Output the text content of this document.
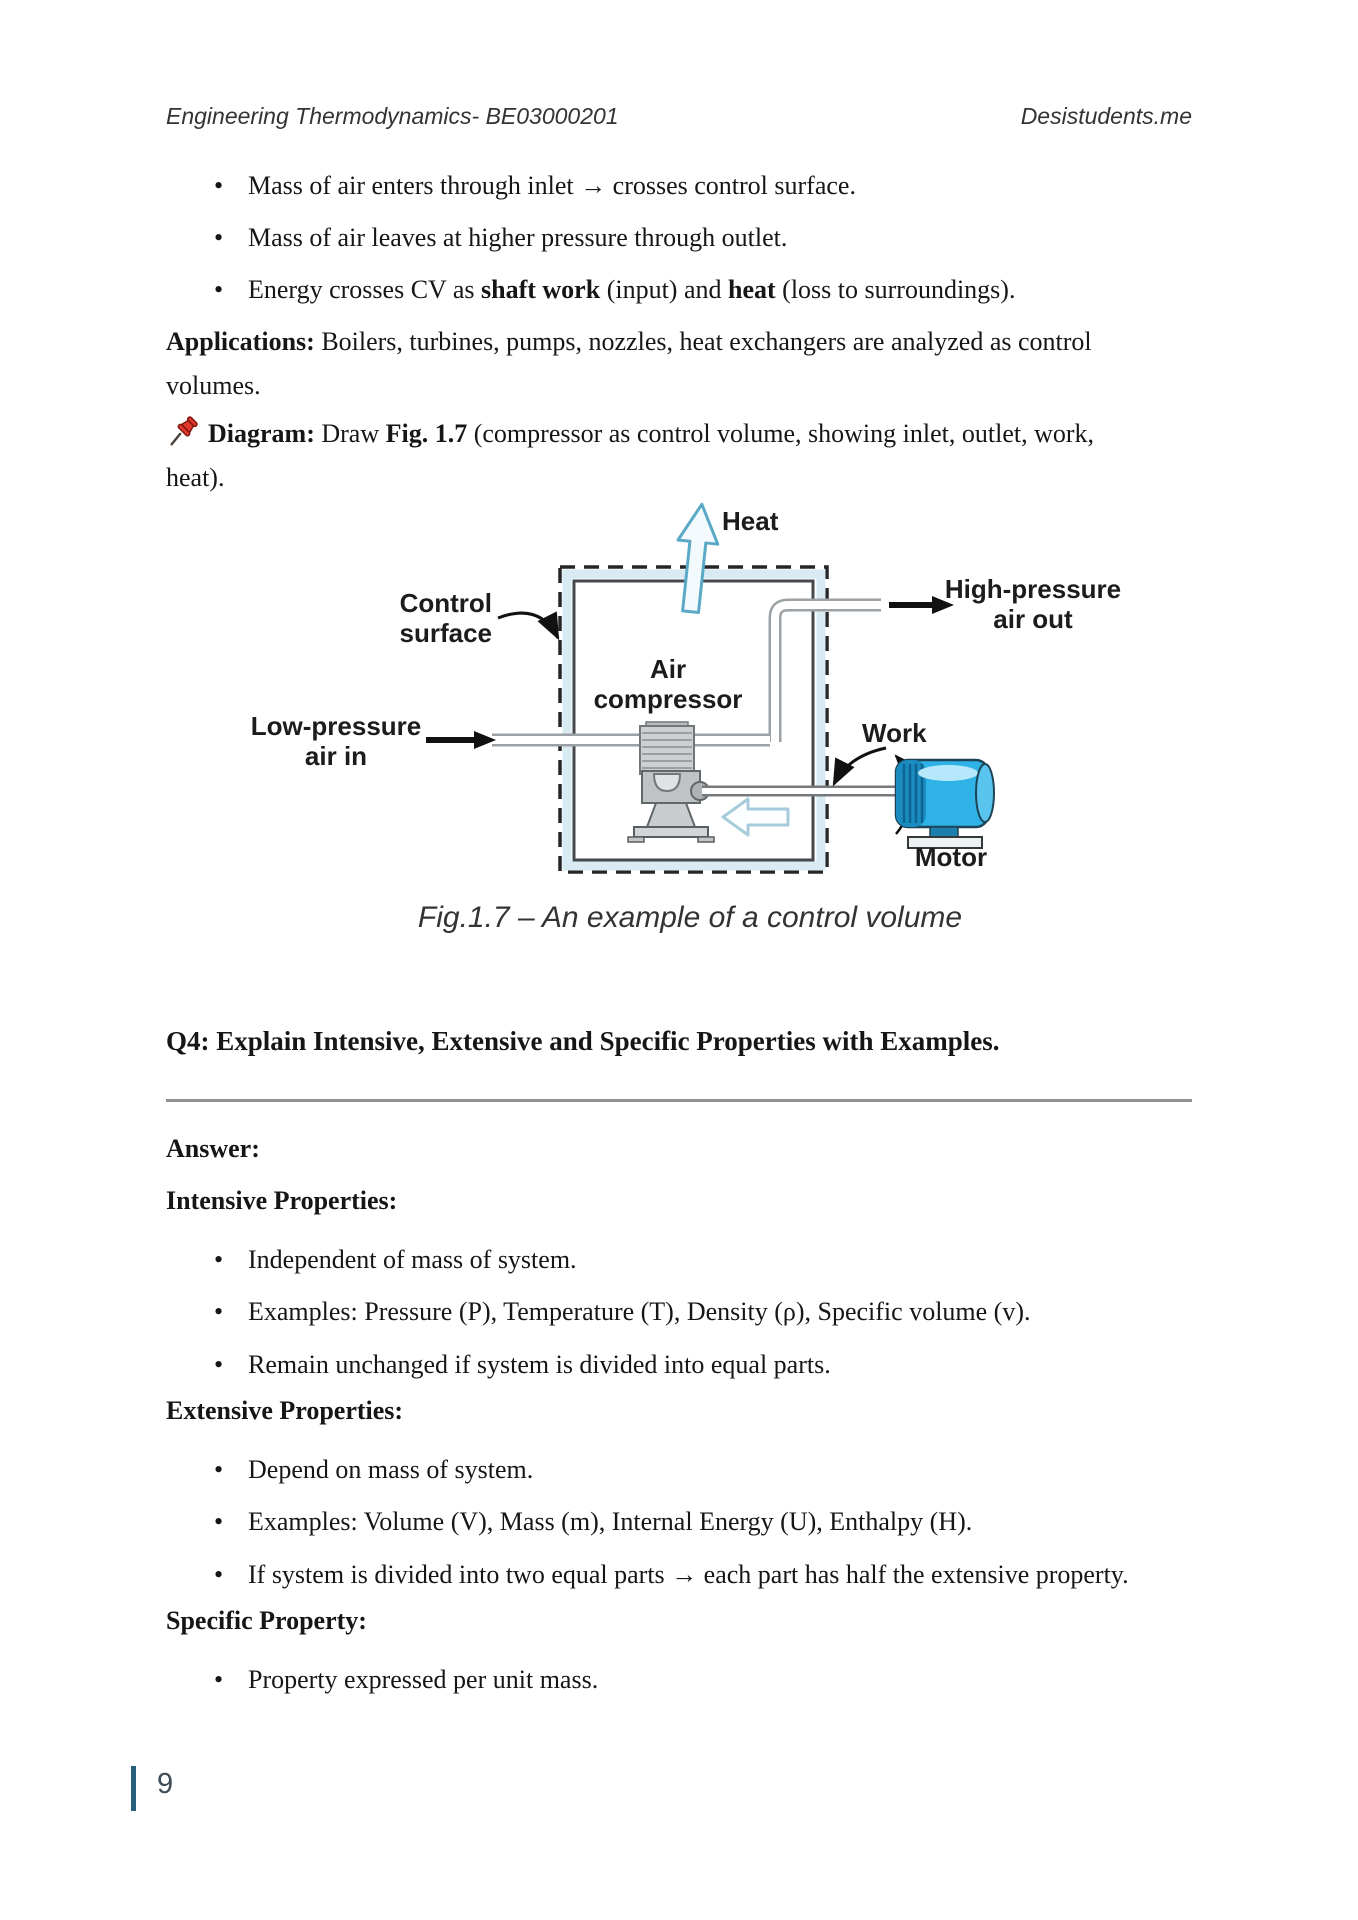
Engineering Thermodynamics- BE03000201	Desistudents.me
• Mass of air enters through inlet → crosses control surface.
• Mass of air leaves at higher pressure through outlet.
• Energy crosses CV as shaft work (input) and heat (loss to surroundings).
Applications: Boilers, turbines, pumps, nozzles, heat exchangers are analyzed as control
volumes.
Diagram: Draw Fig. 1.7 (compressor as control volume, showing inlet, outlet, work,
heat).
Heat
Control
surface
Air
compressor
High-pressure
air out
Low-pressure
air in
Work
Motor
Fig.1.7 – An example of a control volume
Q4: Explain Intensive, Extensive and Specific Properties with Examples.
Answer:
Intensive Properties:
• Independent of mass of system.
• Examples: Pressure (P), Temperature (T), Density (ρ), Specific volume (v).
• Remain unchanged if system is divided into equal parts.
Extensive Properties:
• Depend on mass of system.
• Examples: Volume (V), Mass (m), Internal Energy (U), Enthalpy (H).
• If system is divided into two equal parts → each part has half the extensive property.
Specific Property:
• Property expressed per unit mass.
9
